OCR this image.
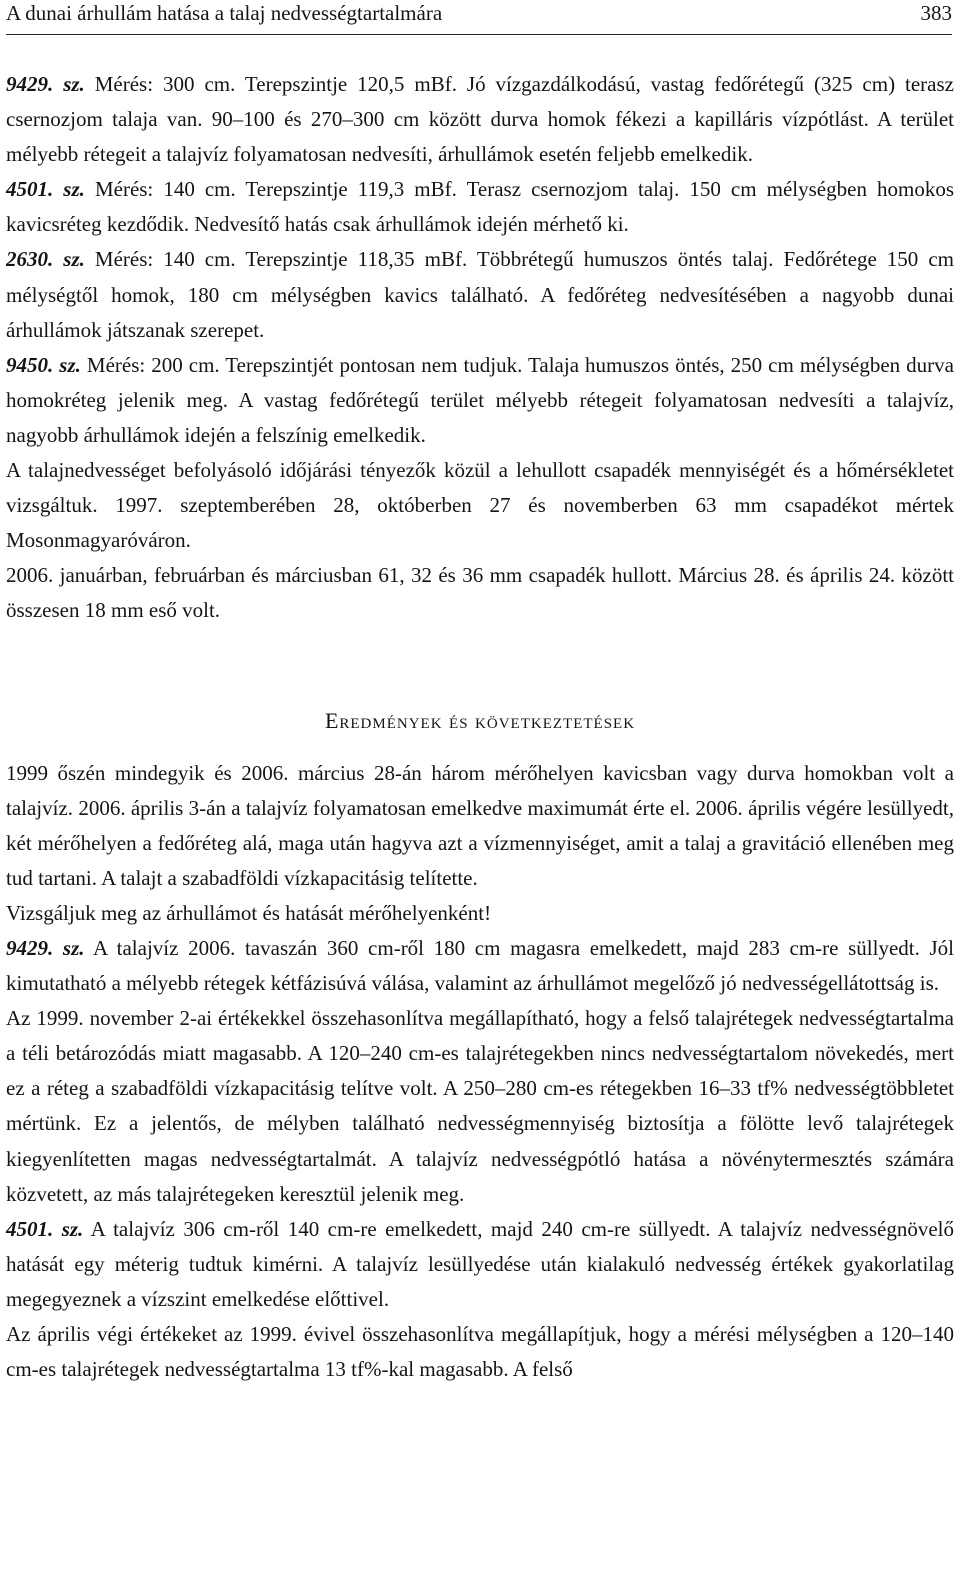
A dunai árhullám hatása a talaj nedvességtartalmára	383

9429. sz. Mérés: 300 cm. Terepszintje 120,5 mBf. Jó vízgazdálkodású, vastag fedőrétegű (325 cm) terasz csernozjom talaja van. 90–100 és 270–300 cm között durva homok fékezi a kapilláris vízpótlást. A terület mélyebb rétegeit a talajvíz folyamatosan nedvesíti, árhullámok esetén feljebb emelkedik.

4501. sz. Mérés: 140 cm. Terepszintje 119,3 mBf. Terasz csernozjom talaj. 150 cm mélységben homokos kavicsréteg kezdődik. Nedvesítő hatás csak árhullámok idején mérhető ki.

2630. sz. Mérés: 140 cm. Terepszintje 118,35 mBf. Többrétegű humuszos öntés talaj. Fedőrétege 150 cm mélységtől homok, 180 cm mélységben kavics található. A fedőréteg nedvesítésében a nagyobb dunai árhullámok játszanak szerepet.

9450. sz. Mérés: 200 cm. Terepszintjét pontosan nem tudjuk. Talaja humuszos öntés, 250 cm mélységben durva homokréteg jelenik meg. A vastag fedőrétegű terület mélyebb rétegeit folyamatosan nedvesíti a talajvíz, nagyobb árhullámok idején a felszínig emelkedik.

A talajnedvességet befolyásoló időjárási tényezők közül a lehullott csapadék mennyiségét és a hőmérsékletet vizsgáltuk. 1997. szeptemberében 28, októberben 27 és novemberben 63 mm csapadékot mértek Mosonmagyaróváron.

2006. januárban, februárban és márciusban 61, 32 és 36 mm csapadék hullott. Március 28. és április 24. között összesen 18 mm eső volt.

Eredmények és következtetések

1999 őszén mindegyik és 2006. március 28-án három mérőhelyen kavicsban vagy durva homokban volt a talajvíz. 2006. április 3-án a talajvíz folyamatosan emelkedve maximumát érte el. 2006. április végére lesüllyedt, két mérőhelyen a fedőréteg alá, maga után hagyva azt a vízmennyiséget, amit a talaj a gravitáció ellenében meg tud tartani. A talajt a szabadföldi vízkapacitásig telítette.

Vizsgáljuk meg az árhullámot és hatását mérőhelyenként!

9429. sz. A talajvíz 2006. tavaszán 360 cm-ről 180 cm magasra emelkedett, majd 283 cm-re süllyedt. Jól kimutatható a mélyebb rétegek kétfázisúvá válása, valamint az árhullámot megelőző jó nedvességellátottság is.

Az 1999. november 2-ai értékekkel összehasonlítva megállapítható, hogy a felső talajrétegek nedvességtartalma a téli betározódás miatt magasabb. A 120–240 cm-es talajrétegekben nincs nedvességtartalom növekedés, mert ez a réteg a szabadföldi vízkapacitásig telítve volt. A 250–280 cm-es rétegekben 16–33 tf% nedvességtöbbletet mértünk. Ez a jelentős, de mélyben található nedvességmennyiség biztosítja a fölötte levő talajrétegek kiegyenlítetten magas nedvességtartalmát. A talajvíz nedvességpótló hatása a növénytermesztés számára közvetett, az más talajrétegeken keresztül jelenik meg.

4501. sz. A talajvíz 306 cm-ről 140 cm-re emelkedett, majd 240 cm-re süllyedt. A talajvíz nedvességnövelő hatását egy méterig tudtuk kimérni. A talajvíz lesüllyedése után kialakuló nedvesség értékek gyakorlatilag megegyeznek a vízszint emelkedése előttivel.

Az április végi értékeket az 1999. évivel összehasonlítva megállapítjuk, hogy a mérési mélységben a 120–140 cm-es talajrétegek nedvességtartalma 13 tf%-kal magasabb. A felső
